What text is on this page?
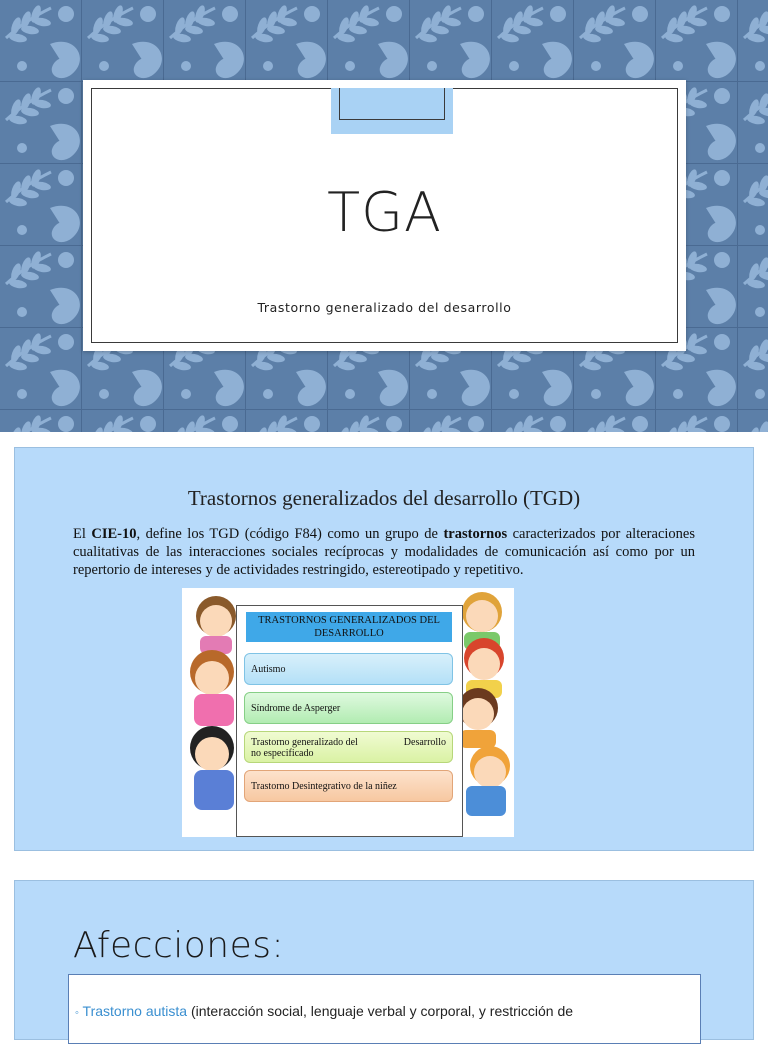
TGA
Trastorno generalizado del desarrollo
Trastornos generalizados del desarrollo (TGD)

El CIE-10, define los TGD (código F84) como un grupo de trastornos caracterizados por alteraciones cualitativas de las interacciones sociales recíprocas y modalidades de comunicación así como por un repertorio de intereses y de actividades restringido, estereotipado y repetitivo.

TRASTORNOS GENERALIZADOS DEL DESARROLLO
Autismo
Síndrome de Asperger
Trastorno generalizado del	Desarrollo
no especificado
Trastorno Desintegrativo de la niñez
Afecciones:
◦ Trastorno autista (interacción social, lenguaje verbal y corporal, y restricción de
